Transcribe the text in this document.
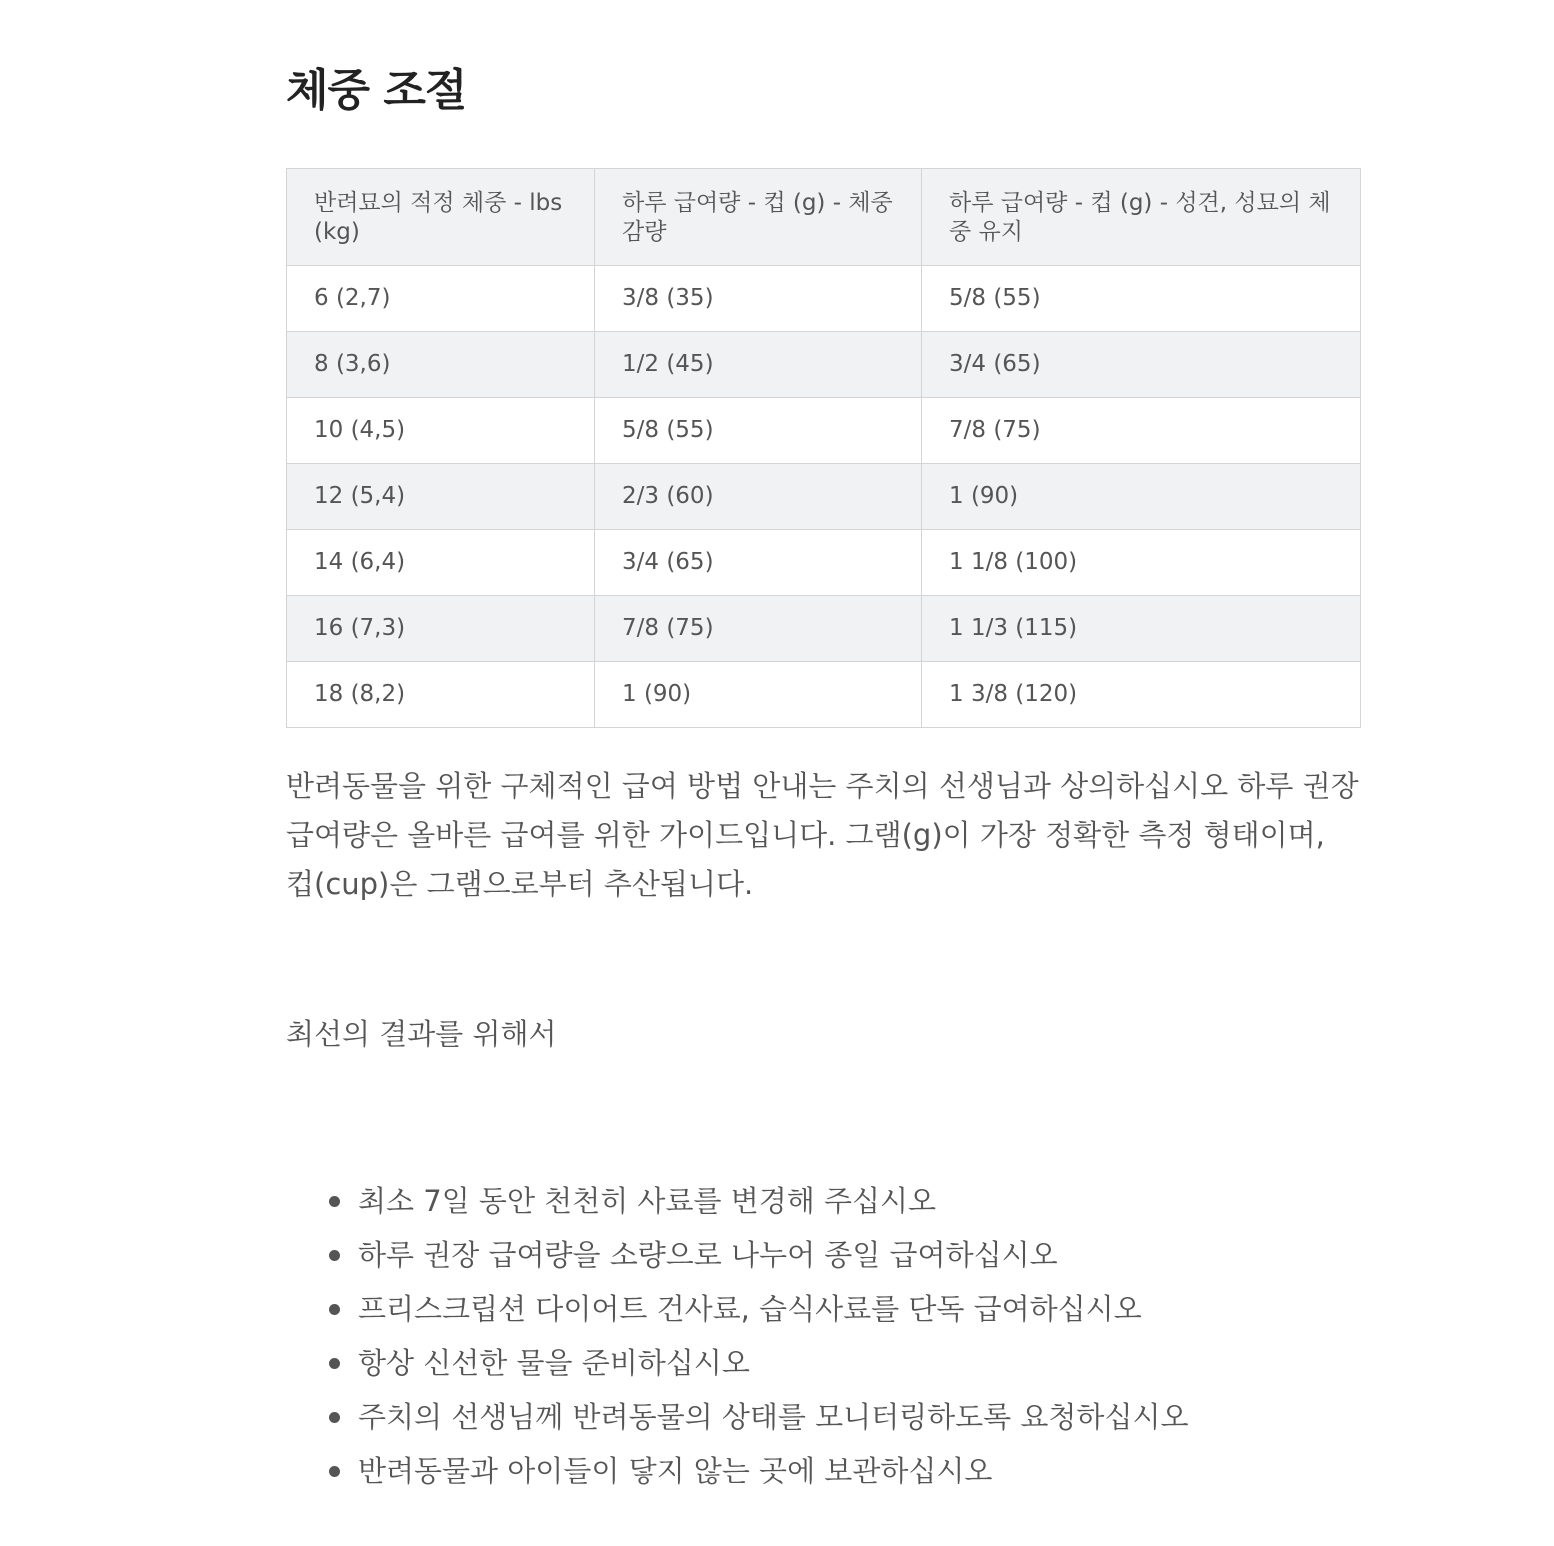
체중 조절
반려묘의 적정 체중 - lbs (kg)	하루 급여량 - 컵 (g) - 체중 감량	하루 급여량 - 컵 (g) - 성견, 성묘의 체중 유지
6 (2,7)	3/8 (35)	5/8 (55)
8 (3,6)	1/2 (45)	3/4 (65)
10 (4,5)	5/8 (55)	7/8 (75)
12 (5,4)	2/3 (60)	1 (90)
14 (6,4)	3/4 (65)	1 1/8 (100)
16 (7,3)	7/8 (75)	1 1/3 (115)
18 (8,2)	1 (90)	1 3/8 (120)

반려동물을 위한 구체적인 급여 방법 안내는 주치의 선생님과 상의하십시오 하루 권장 급여량은 올바른 급여를 위한 가이드입니다. 그램(g)이 가장 정확한 측정 형태이며, 컵(cup)은 그램으로부터 추산됩니다.

최선의 결과를 위해서
최소 7일 동안 천천히 사료를 변경해 주십시오
하루 권장 급여량을 소량으로 나누어 종일 급여하십시오
프리스크립션 다이어트 건사료, 습식사료를 단독 급여하십시오
항상 신선한 물을 준비하십시오
주치의 선생님께 반려동물의 상태를 모니터링하도록 요청하십시오
반려동물과 아이들이 닿지 않는 곳에 보관하십시오
